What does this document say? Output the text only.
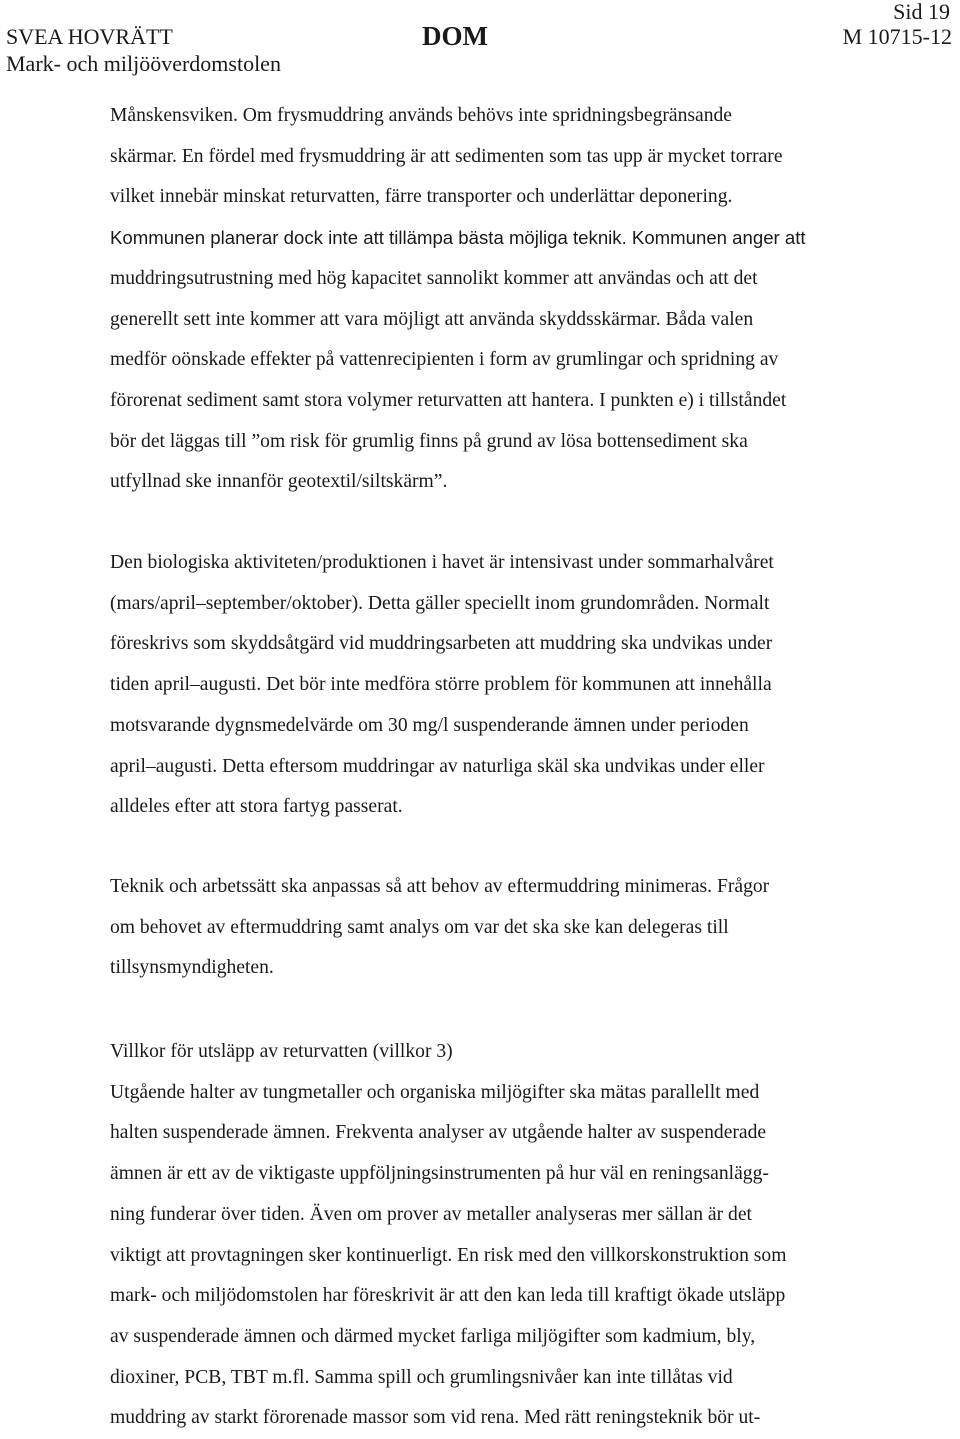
SVEA HOVRÄTT
Mark- och miljööverdomstolen
DOM
Sid 19
M 10715-12
Månskensviken. Om frysmuddring används behövs inte spridningsbegränsande
skärmar. En fördel med frysmuddring är att sedimenten som tas upp är mycket torrare
vilket innebär minskat returvatten, färre transporter och underlättar deponering.
Kommunen planerar dock inte att tillämpa bästa möjliga teknik. Kommunen anger att
muddringsutrustning med hög kapacitet sannolikt kommer att användas och att det
generellt sett inte kommer att vara möjligt att använda skyddsskärmar. Båda valen
medför oönskade effekter på vattenrecipienten i form av grumlingar och spridning av
förorenat sediment samt stora volymer returvatten att hantera. I punkten e) i tillståndet
bör det läggas till ”om risk för grumlig finns på grund av lösa bottensediment ska
utfyllnad ske innanför geotextil/siltskärm”.
Den biologiska aktiviteten/produktionen i havet är intensivast under sommarhalvåret
(mars/april–september/oktober). Detta gäller speciellt inom grundområden. Normalt
föreskrivs som skyddsåtgärd vid muddringsarbeten att muddring ska undvikas under
tiden april–augusti. Det bör inte medföra större problem för kommunen att innehålla
motsvarande dygnsmedelvärde om 30 mg/l suspenderande ämnen under perioden
april–augusti. Detta eftersom muddringar av naturliga skäl ska undvikas under eller
alldeles efter att stora fartyg passerat.
Teknik och arbetssätt ska anpassas så att behov av eftermuddring minimeras. Frågor
om behovet av eftermuddring samt analys om var det ska ske kan delegeras till
tillsynsmyndigheten.
Villkor för utsläpp av returvatten (villkor 3)
Utgående halter av tungmetaller och organiska miljögifter ska mätas parallellt med
halten suspenderade ämnen. Frekventa analyser av utgående halter av suspenderade
ämnen är ett av de viktigaste uppföljningsinstrumenten på hur väl en reningsanlägg-
ning funderar över tiden. Även om prover av metaller analyseras mer sällan är det
viktigt att provtagningen sker kontinuerligt. En risk med den villkorskonstruktion som
mark- och miljödomstolen har föreskrivit är att den kan leda till kraftigt ökade utsläpp
av suspenderade ämnen och därmed mycket farliga miljögifter som kadmium, bly,
dioxiner, PCB, TBT m.fl. Samma spill och grumlingsnivåer kan inte tillåtas vid
muddring av starkt förorenade massor som vid rena. Med rätt reningsteknik bör ut-
